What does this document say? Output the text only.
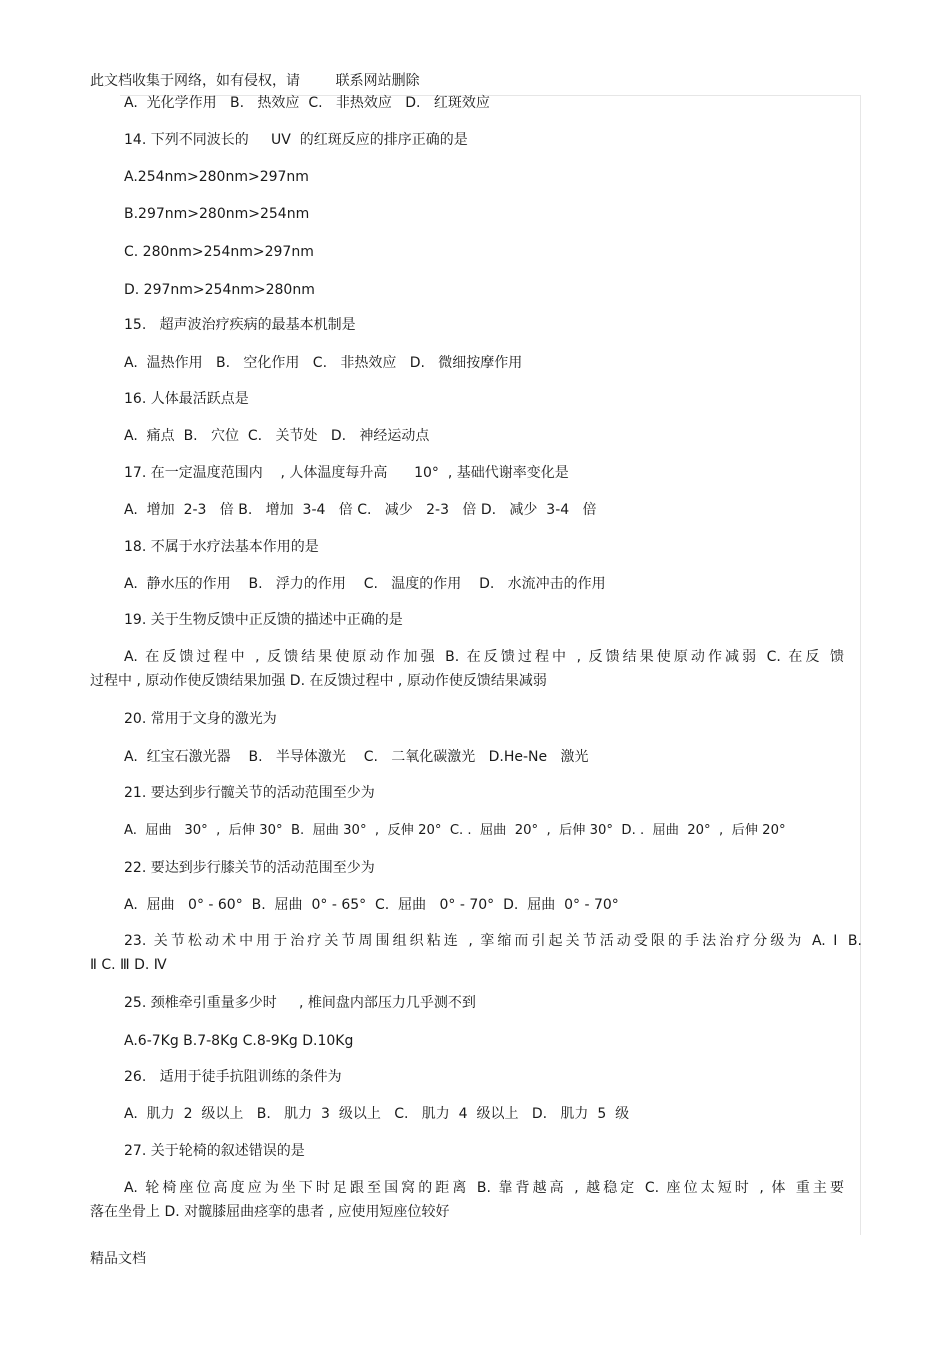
此文档收集于网络，如有侵权，请        联系网站删除
A.  光化学作用   B.   热效应  C.   非热效应   D.   红斑效应
14. 下列不同波长的     UV  的红斑反应的排序正确的是
A.254nm>280nm>297nm
B.297nm>280nm>254nm
C. 280nm>254nm>297nm
D. 297nm>254nm>280nm
15.   超声波治疗疾病的最基本机制是
A.  温热作用   B.   空化作用   C.   非热效应   D.   微细按摩作用
16. 人体最活跃点是
A.  痛点  B.   穴位  C.   关节处   D.   神经运动点
17. 在一定温度范围内    , 人体温度每升高      10°  , 基础代谢率变化是
A.  增加  2-3   倍 B.   增加  3-4   倍 C.   减少   2-3   倍 D.   减少  3-4   倍
18. 不属于水疗法基本作用的是
A.  静水压的作用    B.   浮力的作用    C.   温度的作用    D.   水流冲击的作用
19. 关于生物反馈中正反馈的描述中正确的是
A. 在反馈过程中 , 反馈结果使原动作加强 B. 在反馈过程中 , 反馈结果使原动作减弱 C. 在反 馈
过程中 , 原动作使反馈结果加强 D. 在反馈过程中 , 原动作使反馈结果减弱
20. 常用于文身的激光为
A.  红宝石激光器    B.   半导体激光    C.   二氧化碳激光   D.He-Ne   激光
21. 要达到步行髋关节的活动范围至少为
A.  屈曲   30°  ,  后伸 30°  B.  屈曲 30°  ,  反伸 20°  C. .  屈曲  20°  ,  后伸 30°  D. .  屈曲  20°  ,  后伸 20°
22. 要达到步行膝关节的活动范围至少为
A.  屈曲   0° - 60°  B.  屈曲  0° - 65°  C.  屈曲   0° - 70°  D.  屈曲  0° - 70°
23. 关节松动术中用于治疗关节周围组织粘连 , 挛缩而引起关节活动受限的手法治疗分级为 A. Ⅰ B.
Ⅱ C. Ⅲ D. Ⅳ
25. 颈椎牵引重量多少时     , 椎间盘内部压力几乎测不到
A.6-7Kg B.7-8Kg C.8-9Kg D.10Kg
26.   适用于徒手抗阻训练的条件为
A.  肌力  2  级以上   B.   肌力  3  级以上   C.   肌力  4  级以上   D.   肌力  5  级
27. 关于轮椅的叙述错误的是
A. 轮椅座位高度应为坐下时足跟至国窝的距离 B. 靠背越高 , 越稳定 C. 座位太短时 , 体 重主要
落在坐骨上 D. 对髋膝屈曲痉挛的患者 , 应使用短座位较好
精品文档
